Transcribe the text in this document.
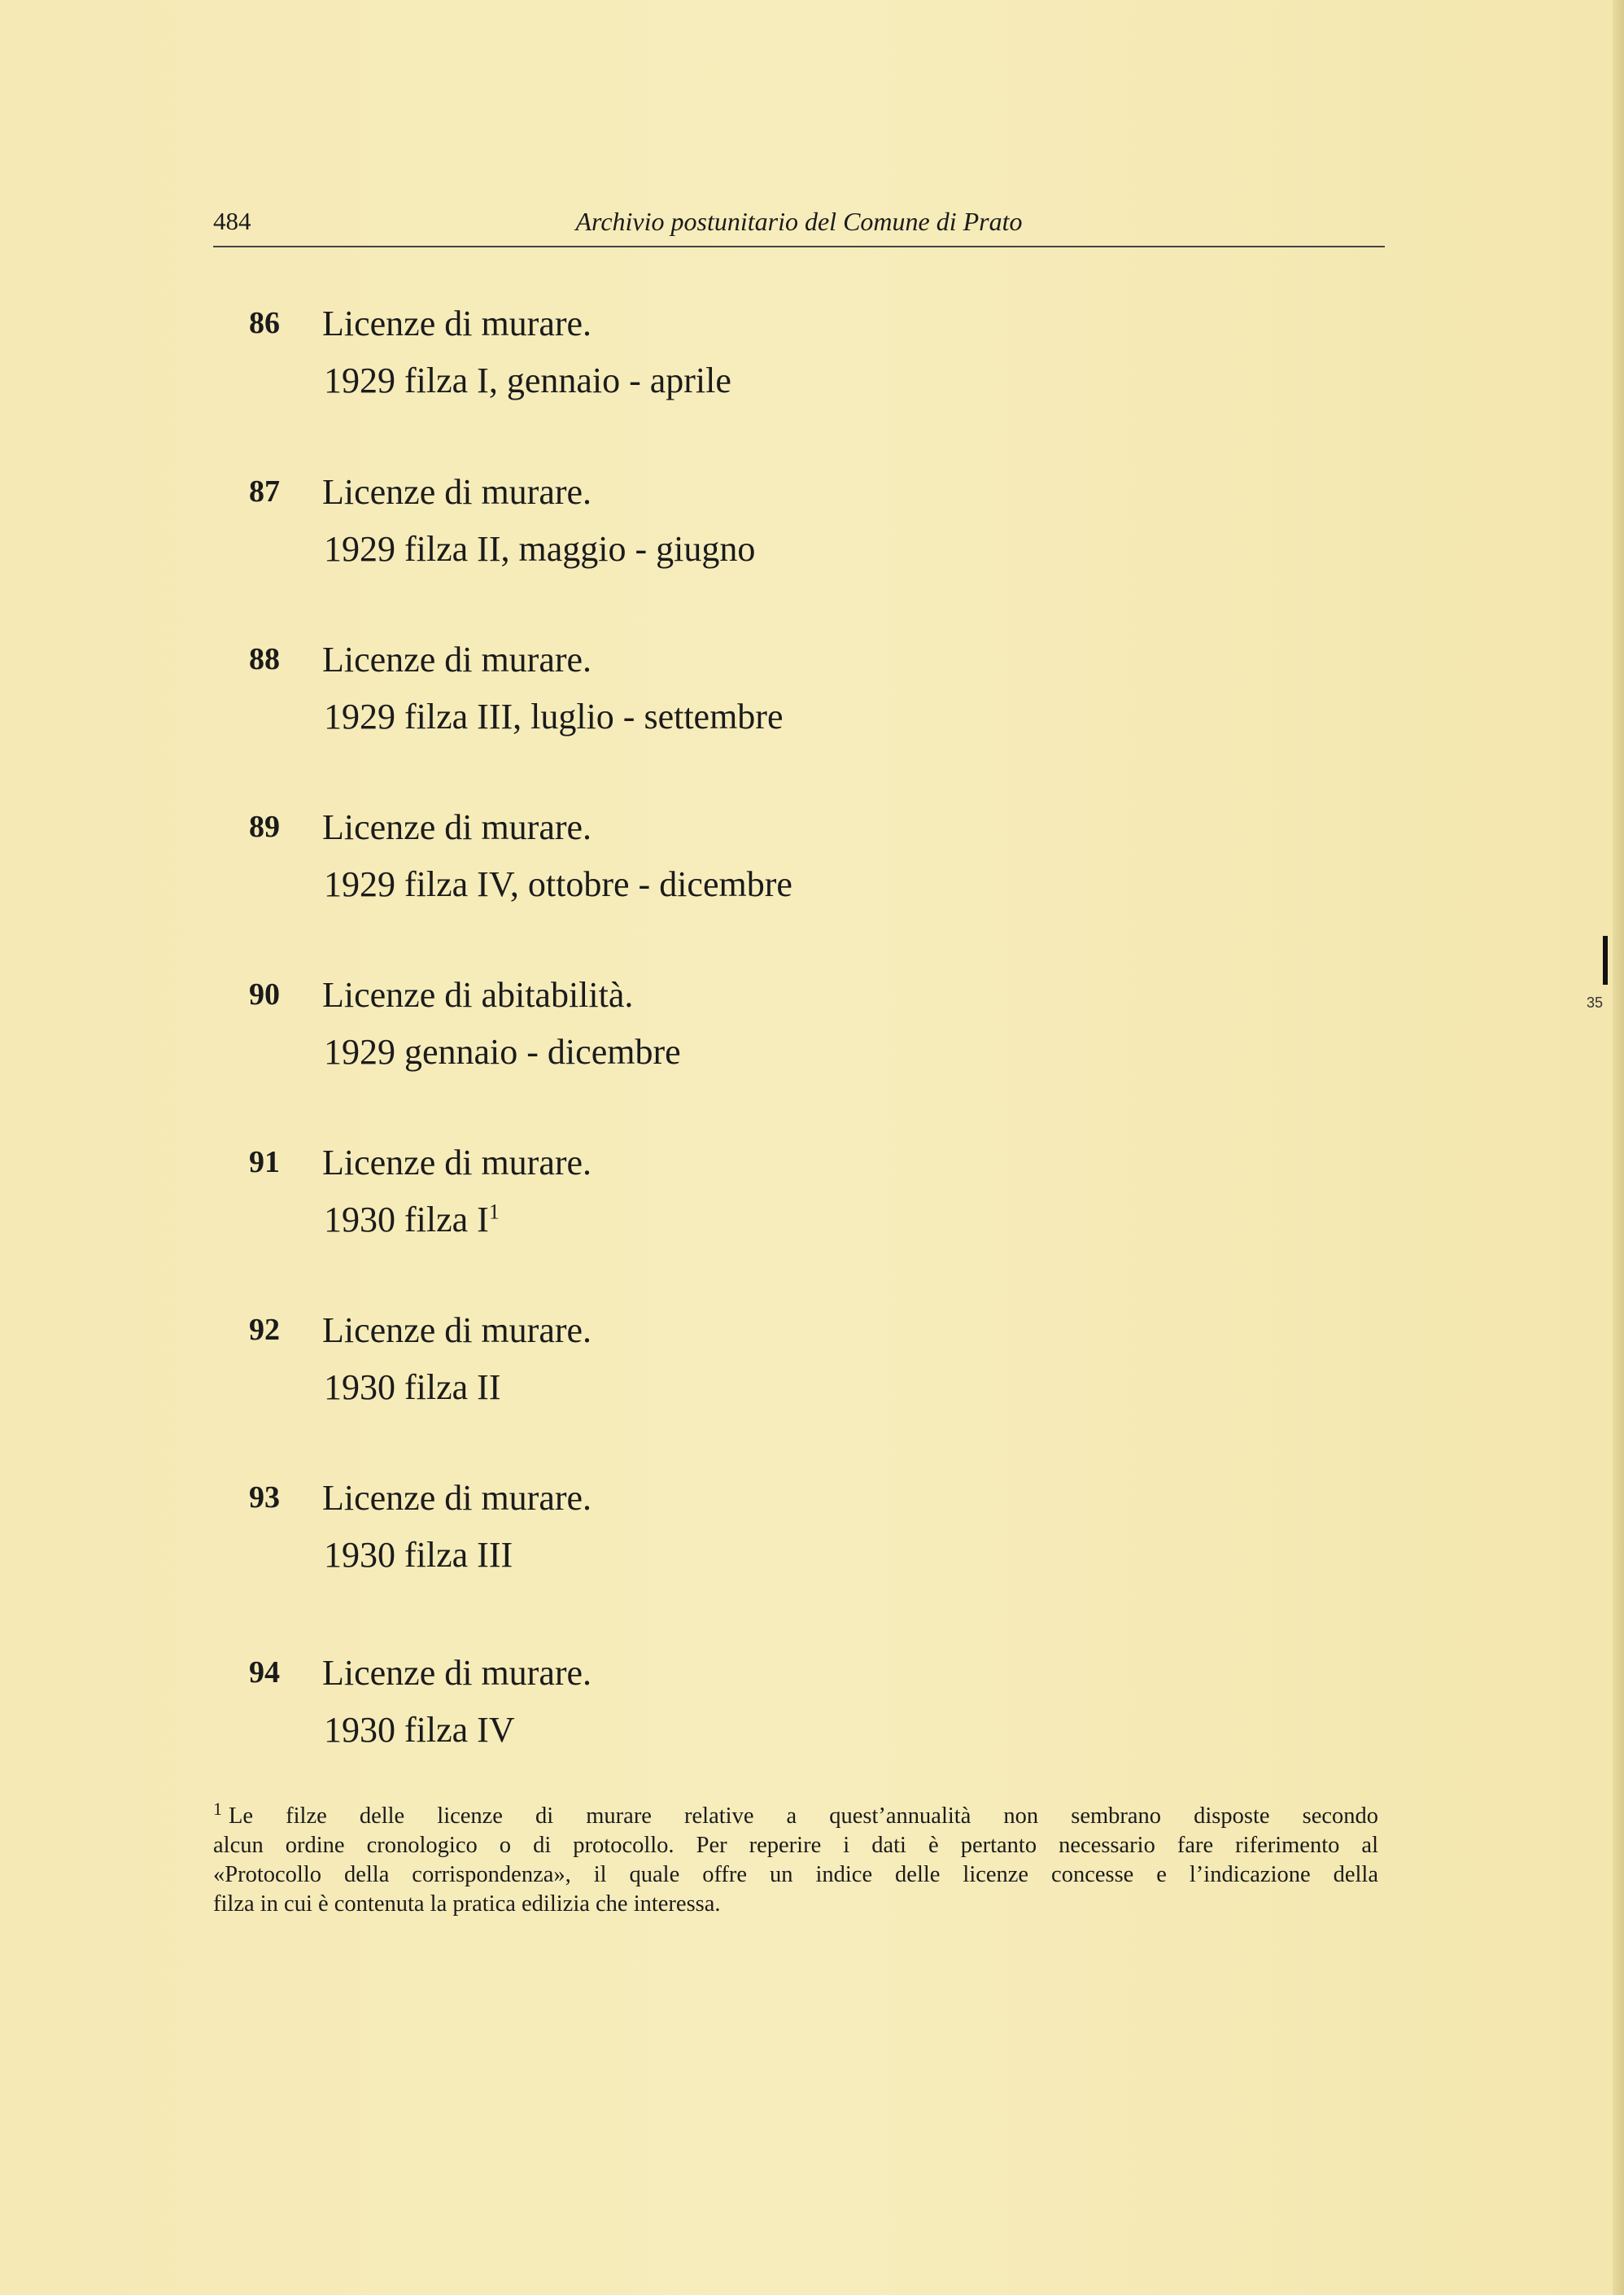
484	Archivio postunitario del Comune di Prato
86 Licenze di murare.
1929 filza I, gennaio - aprile
87 Licenze di murare.
1929 filza II, maggio - giugno
88 Licenze di murare.
1929 filza III, luglio - settembre
89 Licenze di murare.
1929 filza IV, ottobre - dicembre
90 Licenze di abitabilità.
1929 gennaio - dicembre
91 Licenze di murare.
1930 filza $I^1$
92 Licenze di murare.
1930 filza II
93 Licenze di murare.
1930 filza III
94 Licenze di murare.
1930 filza IV
$^1$ Le filze delle licenze di murare relative a quest’annualità non sembrano disposte secondo
alcun ordine cronologico o di protocollo. Per reperire i dati è pertanto necessario fare riferimento al
«Protocollo della corrispondenza», il quale offre un indice delle licenze concesse e l’indicazione della
filza in cui è contenuta la pratica edilizia che interessa.
35
